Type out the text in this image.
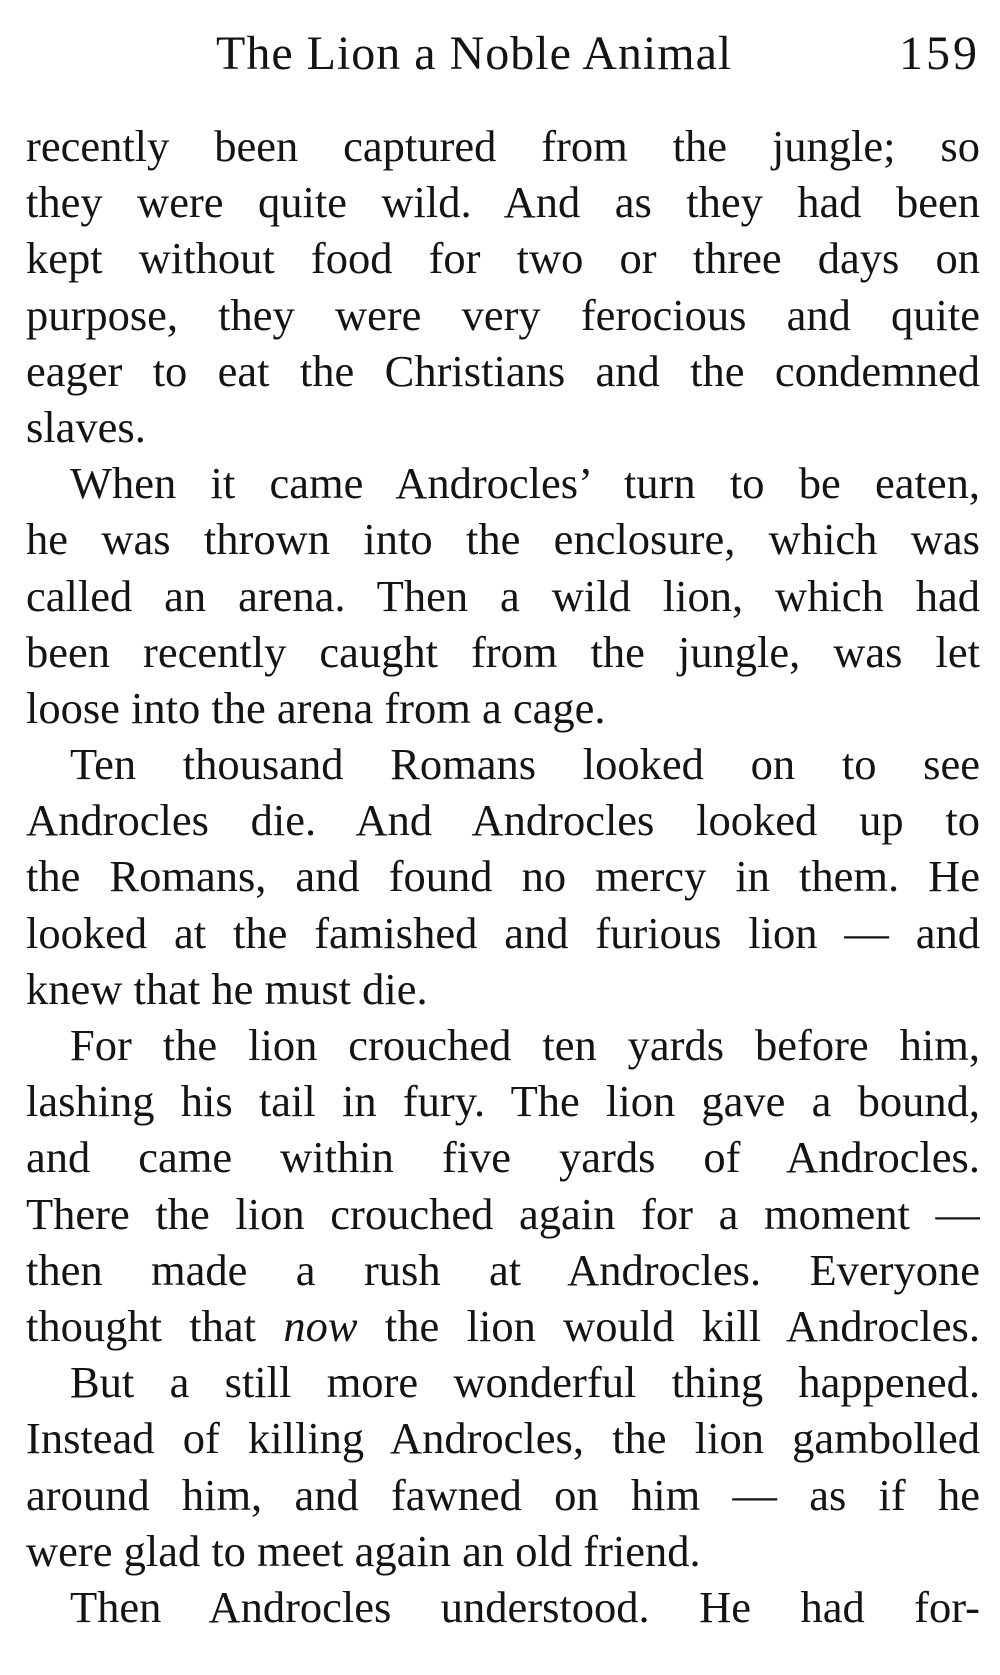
The Lion a Noble Animal	159
recently been captured from the jungle; so
they were quite wild. And as they had been
kept without food for two or three days on
purpose, they were very ferocious and quite
eager to eat the Christians and the condemned
slaves.
When it came Androcles’ turn to be eaten,
he was thrown into the enclosure, which was
called an arena. Then a wild lion, which had
been recently caught from the jungle, was let
loose into the arena from a cage.
Ten thousand Romans looked on to see
Androcles die. And Androcles looked up to
the Romans, and found no mercy in them. He
looked at the famished and furious lion — and
knew that he must die.
For the lion crouched ten yards before him,
lashing his tail in fury. The lion gave a bound,
and came within five yards of Androcles.
There the lion crouched again for a moment —
then made a rush at Androcles. Everyone
thought that now the lion would kill Androcles.
But a still more wonderful thing happened.
Instead of killing Androcles, the lion gambolled
around him, and fawned on him — as if he
were glad to meet again an old friend.
Then Androcles understood. He had for-
